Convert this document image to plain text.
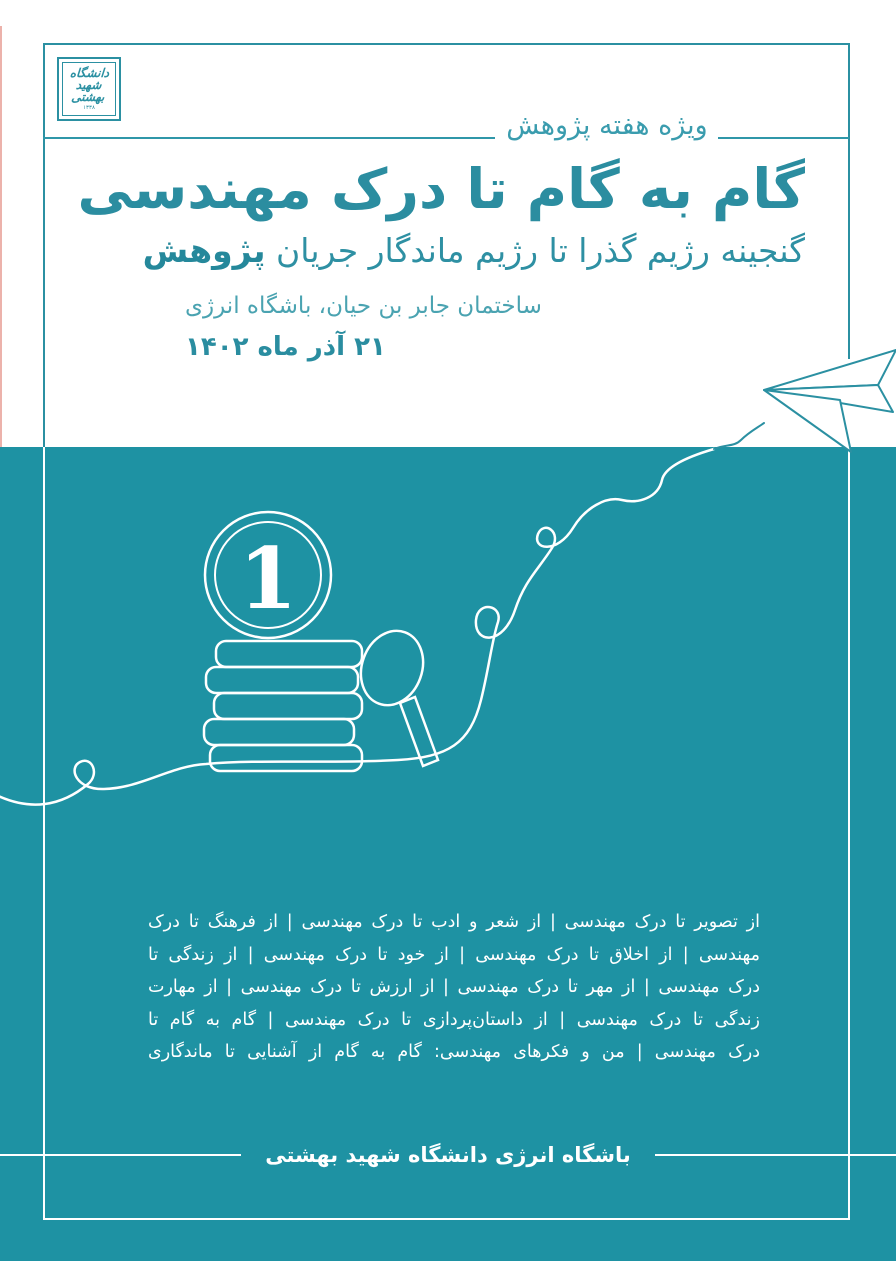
دانشگاه
شهید
بهشتی
۱۳۳۸
ویژه هفته پژوهش
گام به گام تا درک مهندسی
گنجینه رژیم گذرا تا رژیم ماندگار جریان پژوهش
ساختمان جابر بن حیان، باشگاه انرژی
۲۱ آذر ماه ۱۴۰۲
1
از تصویر تا درک مهندسی | از شعر و ادب تا درک مهندسی | از فرهنگ تا درک
مهندسی | از اخلاق تا درک مهندسی | از خود تا درک مهندسی | از زندگی تا
درک مهندسی | از مهر تا درک مهندسی | از ارزش تا درک مهندسی | از مهارت
زندگی تا درک مهندسی | از داستان‌پردازی تا درک مهندسی | گام به گام تا
درک مهندسی | من و فکرهای مهندسی: گام به گام از آشنایی تا ماندگاری
باشگاه انرژی دانشگاه شهید بهشتی
